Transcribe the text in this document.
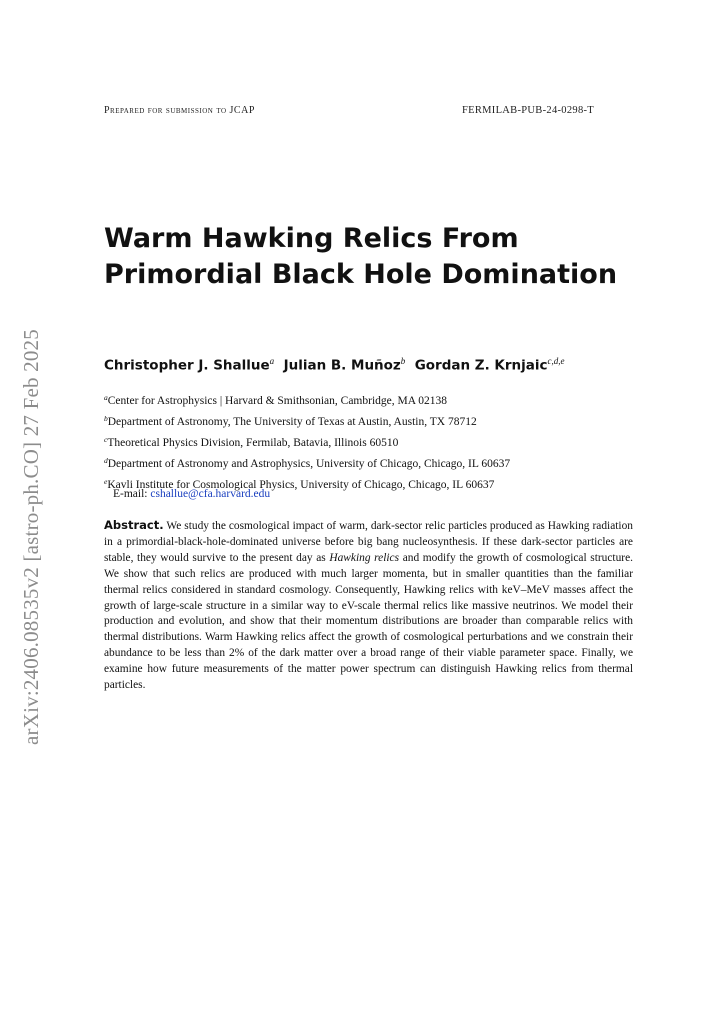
arXiv:2406.08535v2 [astro-ph.CO] 27 Feb 2025
Prepared for submission to JCAP	FERMILAB-PUB-24-0298-T
Warm Hawking Relics From
Primordial Black Hole Domination
Christopher J. Shallue$^a$ Julian B. Muñoz$^b$ Gordan Z. Krnjaic$^{c,d,e}$
$^a$Center for Astrophysics | Harvard & Smithsonian, Cambridge, MA 02138
$^b$Department of Astronomy, The University of Texas at Austin, Austin, TX 78712
$^c$Theoretical Physics Division, Fermilab, Batavia, Illinois 60510
$^d$Department of Astronomy and Astrophysics, University of Chicago, Chicago, IL 60637
$^e$Kavli Institute for Cosmological Physics, University of Chicago, Chicago, IL 60637
E-mail: cshallue@cfa.harvard.edu

Abstract. We study the cosmological impact of warm, dark-sector relic particles produced as Hawking radiation in a primordial-black-hole-dominated universe before big bang nucleosynthesis. If these dark-sector particles are stable, they would survive to the present day as Hawking relics and modify the growth of cosmological structure. We show that such relics are produced with much larger momenta, but in smaller quantities than the familiar thermal relics considered in standard cosmology. Consequently, Hawking relics with keV–MeV masses affect the growth of large-scale structure in a similar way to eV-scale thermal relics like massive neutrinos. We model their production and evolution, and show that their momentum distributions are broader than comparable relics with thermal distributions. Warm Hawking relics affect the growth of cosmological perturbations and we constrain their abundance to be less than 2% of the dark matter over a broad range of their viable parameter space. Finally, we examine how future measurements of the matter power spectrum can distinguish Hawking relics from thermal particles.
